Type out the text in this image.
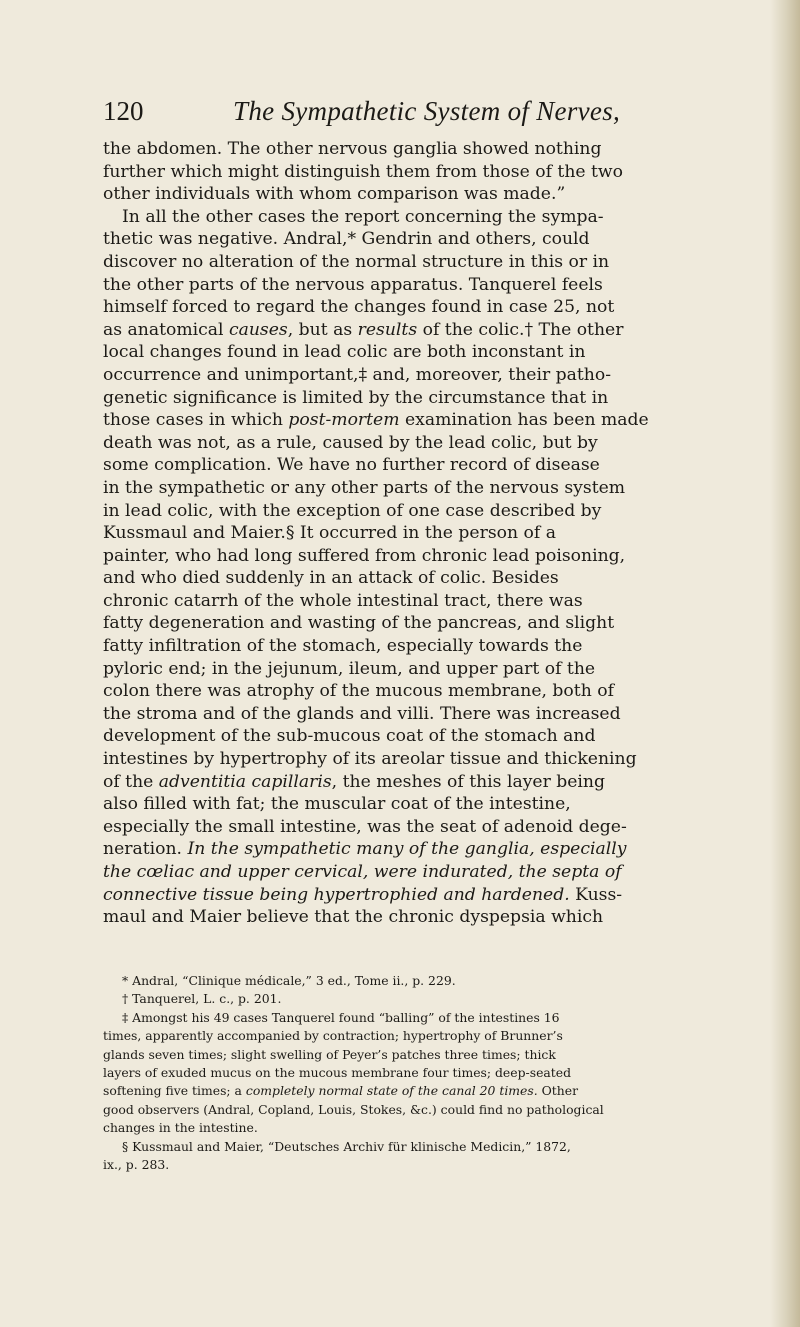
120	The Sympathetic System of Nerves,
the abdomen. The other nervous ganglia showed nothing
further which might distinguish them from those of the two
other individuals with whom comparison was made.”
In all the other cases the report concerning the sympa-
thetic was negative. Andral,* Gendrin and others, could
discover no alteration of the normal structure in this or in
the other parts of the nervous apparatus. Tanquerel feels
himself forced to regard the changes found in case 25, not
as anatomical causes, but as results of the colic.† The other
local changes found in lead colic are both inconstant in
occurrence and unimportant,‡ and, moreover, their patho-
genetic significance is limited by the circumstance that in
those cases in which post-mortem examination has been made
death was not, as a rule, caused by the lead colic, but by
some complication. We have no further record of disease
in the sympathetic or any other parts of the nervous system
in lead colic, with the exception of one case described by
Kussmaul and Maier.§ It occurred in the person of a
painter, who had long suffered from chronic lead poisoning,
and who died suddenly in an attack of colic. Besides
chronic catarrh of the whole intestinal tract, there was
fatty degeneration and wasting of the pancreas, and slight
fatty infiltration of the stomach, especially towards the
pyloric end; in the jejunum, ileum, and upper part of the
colon there was atrophy of the mucous membrane, both of
the stroma and of the glands and villi. There was increased
development of the sub-mucous coat of the stomach and
intestines by hypertrophy of its areolar tissue and thickening
of the adventitia capillaris, the meshes of this layer being
also filled with fat; the muscular coat of the intestine,
especially the small intestine, was the seat of adenoid dege-
neration. In the sympathetic many of the ganglia, especially
the cœliac and upper cervical, were indurated, the septa of
connective tissue being hypertrophied and hardened. Kuss-
maul and Maier believe that the chronic dyspepsia which
* Andral, “Clinique médicale,” 3 ed., Tome ii., p. 229.
† Tanquerel, L. c., p. 201.
‡ Amongst his 49 cases Tanquerel found “balling” of the intestines 16
times, apparently accompanied by contraction; hypertrophy of Brunner’s
glands seven times; slight swelling of Peyer’s patches three times; thick
layers of exuded mucus on the mucous membrane four times; deep-seated
softening five times; a completely normal state of the canal 20 times. Other
good observers (Andral, Copland, Louis, Stokes, &c.) could find no pathological
changes in the intestine.
§ Kussmaul and Maier, “Deutsches Archiv für klinische Medicin,” 1872,
ix., p. 283.
